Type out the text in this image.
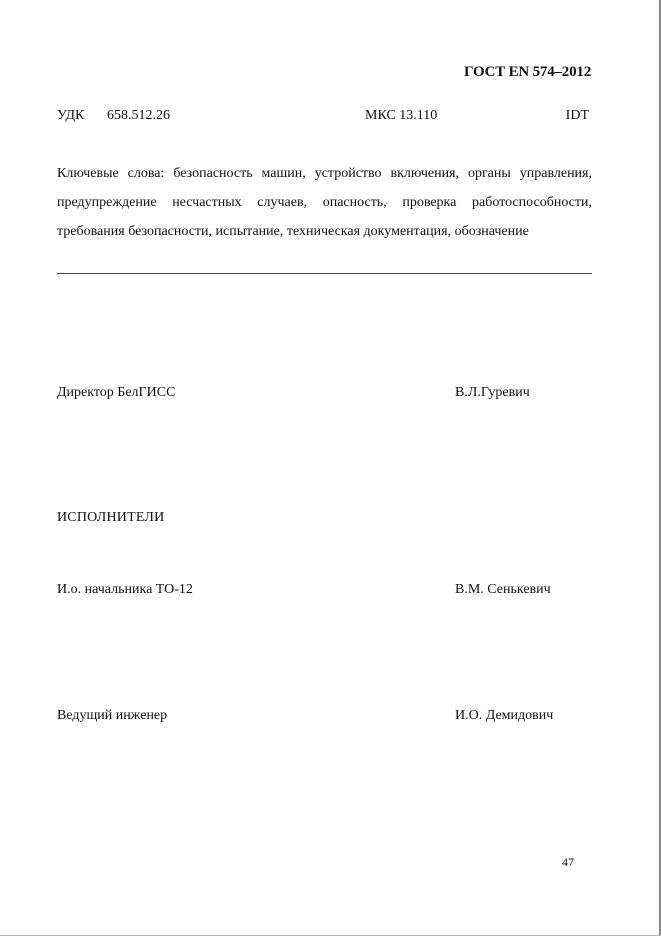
ГОСТ EN 574–2012
УДК 658.512.26	МКС 13.110	IDT

Ключевые слова: безопасность машин, устройство включения, органы управления, предупреждение несчастных случаев, опасность, проверка работоспособности, требования безопасности, испытание, техническая документация, обозначение

Директор БелГИСС	В.Л.Гуревич
ИСПОЛНИТЕЛИ
И.о. начальника ТО-12	В.М. Сенькевич
Ведущий инженер	И.О. Демидович
47
